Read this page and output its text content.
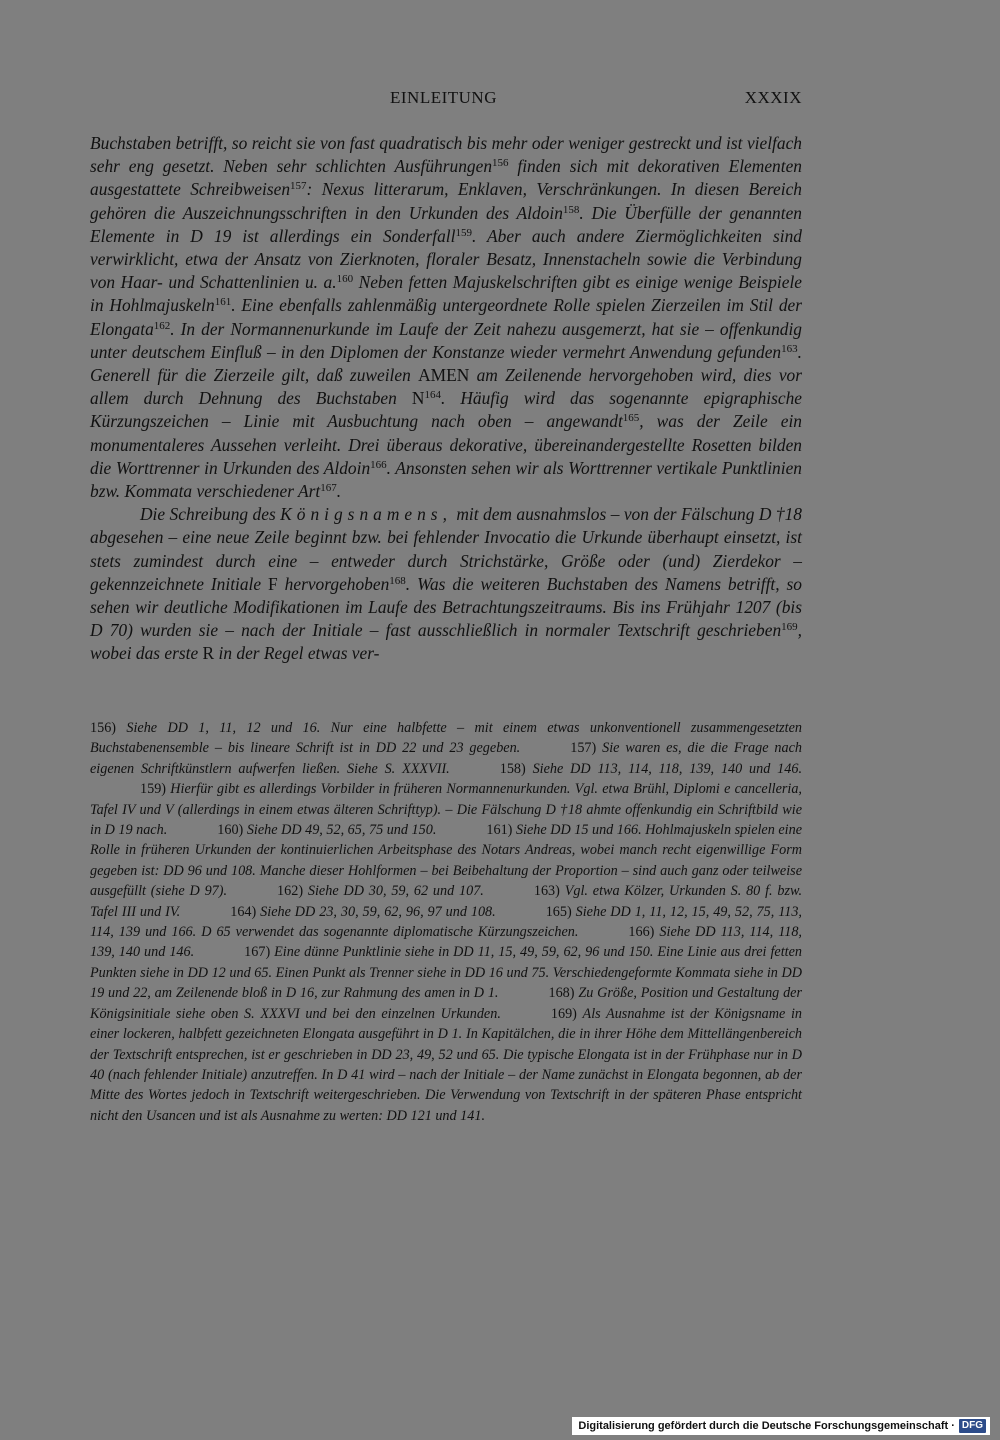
EINLEITUNG	XXXIX

Buchstaben betrifft, so reicht sie von fast quadratisch bis mehr oder weniger gestreckt und ist vielfach sehr eng gesetzt. Neben sehr schlichten Ausführungen$^{156}$ finden sich mit dekorativen Elementen ausgestattete Schreibweisen$^{157}$: Nexus litterarum, Enklaven, Verschränkungen. In diesen Bereich gehören die Auszeichnungsschriften in den Urkunden des Aldoin$^{158}$. Die Überfülle der genannten Elemente in D 19 ist allerdings ein Sonderfall$^{159}$. Aber auch andere Ziermöglichkeiten sind verwirklicht, etwa der Ansatz von Zierknoten, floraler Besatz, Innenstacheln sowie die Verbindung von Haar- und Schattenlinien u. a.$^{160}$ Neben fetten Majuskelschriften gibt es einige wenige Beispiele in Hohlmajuskeln$^{161}$. Eine ebenfalls zahlenmäßig untergeordnete Rolle spielen Zierzeilen im Stil der Elongata$^{162}$. In der Normannenurkunde im Laufe der Zeit nahezu ausgemerzt, hat sie – offenkundig unter deutschem Einfluß – in den Diplomen der Konstanze wieder vermehrt Anwendung gefunden$^{163}$. Generell für die Zierzeile gilt, daß zuweilen AMEN am Zeilenende hervorgehoben wird, dies vor allem durch Dehnung des Buchstaben $N^{164}$. Häufig wird das sogenannte epigraphische Kürzungszeichen – Linie mit Ausbuchtung nach oben – angewandt$^{165}$, was der Zeile ein monumentaleres Aussehen verleiht. Drei überaus dekorative, übereinandergestellte Rosetten bilden die Worttrenner in Urkunden des Aldoin$^{166}$. Ansonsten sehen wir als Worttrenner vertikale Punktlinien bzw. Kommata verschiedener Art$^{167}$.

Die Schreibung des Königsnamens, mit dem ausnahmslos – von der Fälschung D †18 abgesehen – eine neue Zeile beginnt bzw. bei fehlender Invocatio die Urkunde überhaupt einsetzt, ist stets zumindest durch eine – entweder durch Strichstärke, Größe oder (und) Zierdekor – gekennzeichnete Initiale F hervorgehoben$^{168}$. Was die weiteren Buchstaben des Namens betrifft, so sehen wir deutliche Modifikationen im Laufe des Betrachtungszeitraums. Bis ins Frühjahr 1207 (bis D 70) wurden sie – nach der Initiale – fast ausschließlich in normaler Textschrift geschrieben$^{169}$, wobei das erste R in der Regel etwas ver-

156) Siehe DD 1, 11, 12 und 16. Nur eine halbfette – mit einem etwas unkonventionell zusammengesetzten Buchstabenensemble – bis lineare Schrift ist in DD 22 und 23 gegeben.	157) Sie waren es, die die Frage nach eigenen Schriftkünstlern aufwerfen ließen. Siehe S. XXXVII.	158) Siehe DD 113, 114, 118, 139, 140 und 146.159) Hierfür gibt es allerdings Vorbilder in früheren Normannenurkunden. Vgl. etwa Brühl, Diplomi e cancelleria, Tafel IV und V (allerdings in einem etwas älteren Schrifttyp). – Die Fälschung D †18 ahmte offenkundig ein Schriftbild wie in D 19 nach.	160) Siehe DD 49, 52, 65, 75 und 150.	161) Siehe DD 15 und 166. Hohlmajuskeln spielen eine Rolle in früheren Urkunden der kontinuierlichen Arbeitsphase des Notars Andreas, wobei manch recht eigenwillige Form gegeben ist: DD 96 und 108. Manche dieser Hohlformen – bei Beibehaltung der Proportion – sind auch ganz oder teilweise ausgefüllt (siehe D 97).	162) Siehe DD 30, 59, 62 und 107.	163) Vgl. etwa Kölzer, Urkunden S. 80 f. bzw. Tafel III und IV.	164) Siehe DD 23, 30, 59, 62, 96, 97 und 108.	165) Siehe DD 1, 11, 12, 15, 49, 52, 75, 113, 114, 139 und 166. D 65 verwendet das sogenannte diplomatische Kürzungszeichen.	166) Siehe DD 113, 114, 118, 139, 140 und 146.	167) Eine dünne Punktlinie siehe in DD 11, 15, 49, 59, 62, 96 und 150. Eine Linie aus drei fetten Punkten siehe in DD 12 und 65. Einen Punkt als Trenner siehe in DD 16 und 75. Verschiedengeformte Kommata siehe in DD 19 und 22, am Zeilenende bloß in D 16, zur Rahmung des amen in D 1.	168) Zu Größe, Position und Gestaltung der Königsinitiale siehe oben S. XXXVI und bei den einzelnen Urkunden.	169) Als Ausnahme ist der Königsname in einer lockeren, halbfett gezeichneten Elongata ausgeführt in D 1. In Kapitälchen, die in ihrer Höhe dem Mittellängenbereich der Textschrift entsprechen, ist er geschrieben in DD 23, 49, 52 und 65. Die typische Elongata ist in der Frühphase nur in D 40 (nach fehlender Initiale) anzutreffen. In D 41 wird – nach der Initiale – der Name zunächst in Elongata begonnen, ab der Mitte des Wortes jedoch in Textschrift weitergeschrieben. Die Verwendung von Textschrift in der späteren Phase entspricht nicht den Usancen und ist als Ausnahme zu werten: DD 121 und 141.
Digitalisierung gefördert durch die Deutsche Forschungsgemeinschaft · DFG
